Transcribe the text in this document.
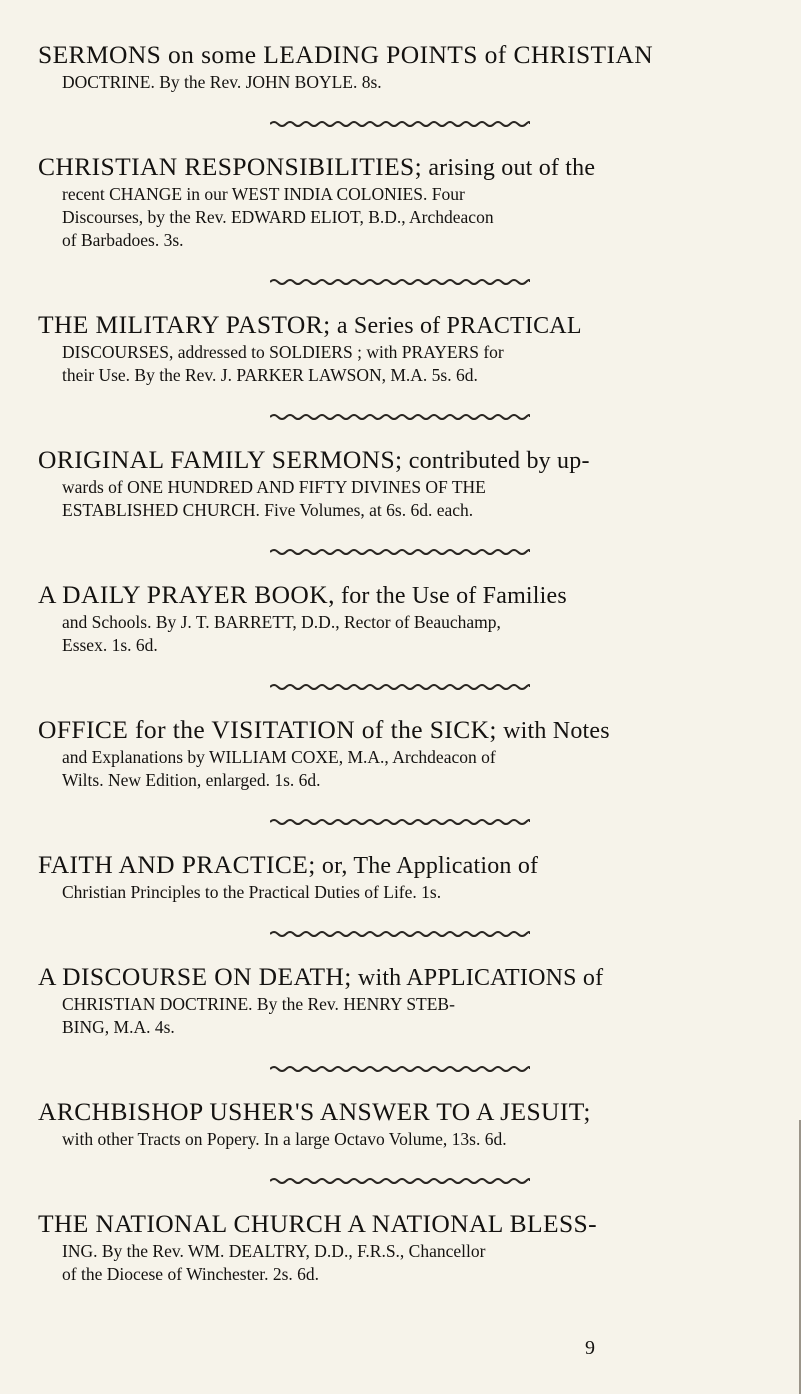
SERMONS on some LEADING POINTS of CHRISTIAN
DOCTRINE. By the Rev. JOHN BOYLE. 8s.
CHRISTIAN RESPONSIBILITIES; arising out of the
recent CHANGE in our WEST INDIA COLONIES. Four
Discourses, by the Rev. EDWARD ELIOT, B.D., Archdeacon
of Barbadoes. 3s.
THE MILITARY PASTOR; a Series of PRACTICAL
DISCOURSES, addressed to SOLDIERS ; with PRAYERS for
their Use. By the Rev. J. PARKER LAWSON, M.A. 5s. 6d.
ORIGINAL FAMILY SERMONS; contributed by up-
wards of ONE HUNDRED AND FIFTY DIVINES OF THE
ESTABLISHED CHURCH. Five Volumes, at 6s. 6d. each.
A DAILY PRAYER BOOK, for the Use of Families
and Schools. By J. T. BARRETT, D.D., Rector of Beauchamp,
Essex. 1s. 6d.
OFFICE for the VISITATION of the SICK; with Notes
and Explanations by WILLIAM COXE, M.A., Archdeacon of
Wilts. New Edition, enlarged. 1s. 6d.
FAITH AND PRACTICE; or, The Application of
Christian Principles to the Practical Duties of Life. 1s.
A DISCOURSE ON DEATH; with APPLICATIONS of
CHRISTIAN DOCTRINE. By the Rev. HENRY STEB-
BING, M.A. 4s.
ARCHBISHOP USHER'S ANSWER TO A JESUIT;
with other Tracts on Popery. In a large Octavo Volume, 13s. 6d.
THE NATIONAL CHURCH A NATIONAL BLESS-
ING. By the Rev. WM. DEALTRY, D.D., F.R.S., Chancellor
of the Diocese of Winchester. 2s. 6d.
9
